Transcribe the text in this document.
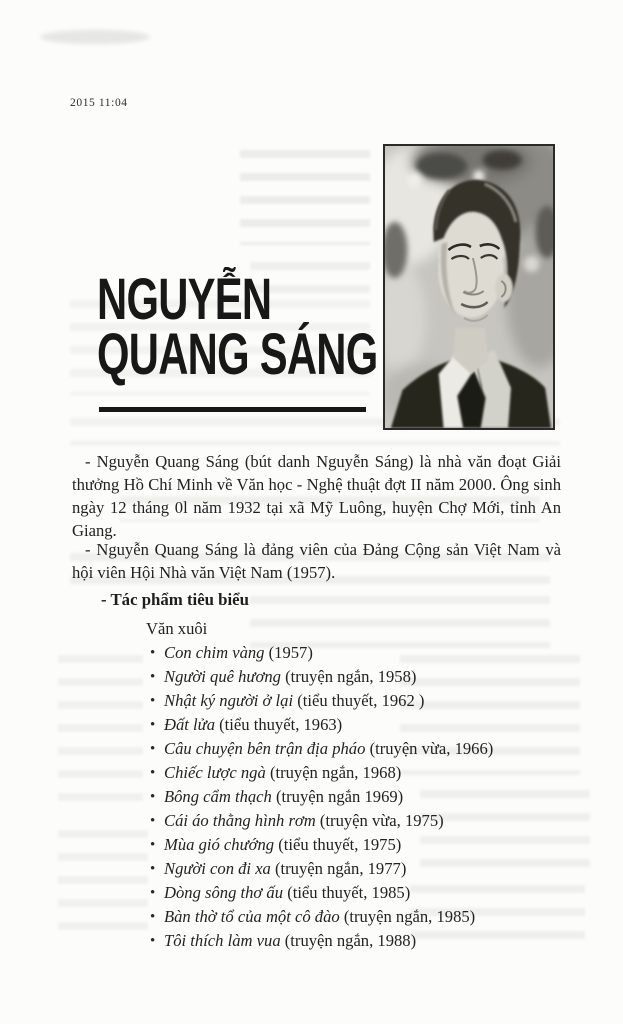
2015 11:04
NGUYỄN
QUANG SÁNG

- Nguyễn Quang Sáng (bút danh Nguyễn Sáng) là nhà văn đoạt Giải thưởng Hồ Chí Minh về Văn học - Nghệ thuật đợt II năm 2000. Ông sinh ngày 12 tháng 0l năm 1932 tại xã Mỹ Luông, huyện Chợ Mới, tỉnh An Giang.

- Nguyễn Quang Sáng là đảng viên của Đảng Cộng sản Việt Nam và hội viên Hội Nhà văn Việt Nam (1957).

- Tác phẩm tiêu biểu
Văn xuôi
• Con chim vàng (1957)
• Người quê hương (truyện ngắn, 1958)
• Nhật ký người ở lại (tiểu thuyết, 1962 )
• Đất lửa (tiểu thuyết, 1963)
• Câu chuyện bên trận địa pháo (truyện vừa, 1966)
• Chiếc lược ngà (truyện ngắn, 1968)
• Bông cẩm thạch (truyện ngắn 1969)
• Cái áo thằng hình rơm (truyện vừa, 1975)
• Mùa gió chướng (tiểu thuyết, 1975)
• Người con đi xa (truyện ngắn, 1977)
• Dòng sông thơ ấu (tiểu thuyết, 1985)
• Bàn thờ tổ của một cô đào (truyện ngắn, 1985)
• Tôi thích làm vua (truyện ngắn, 1988)
